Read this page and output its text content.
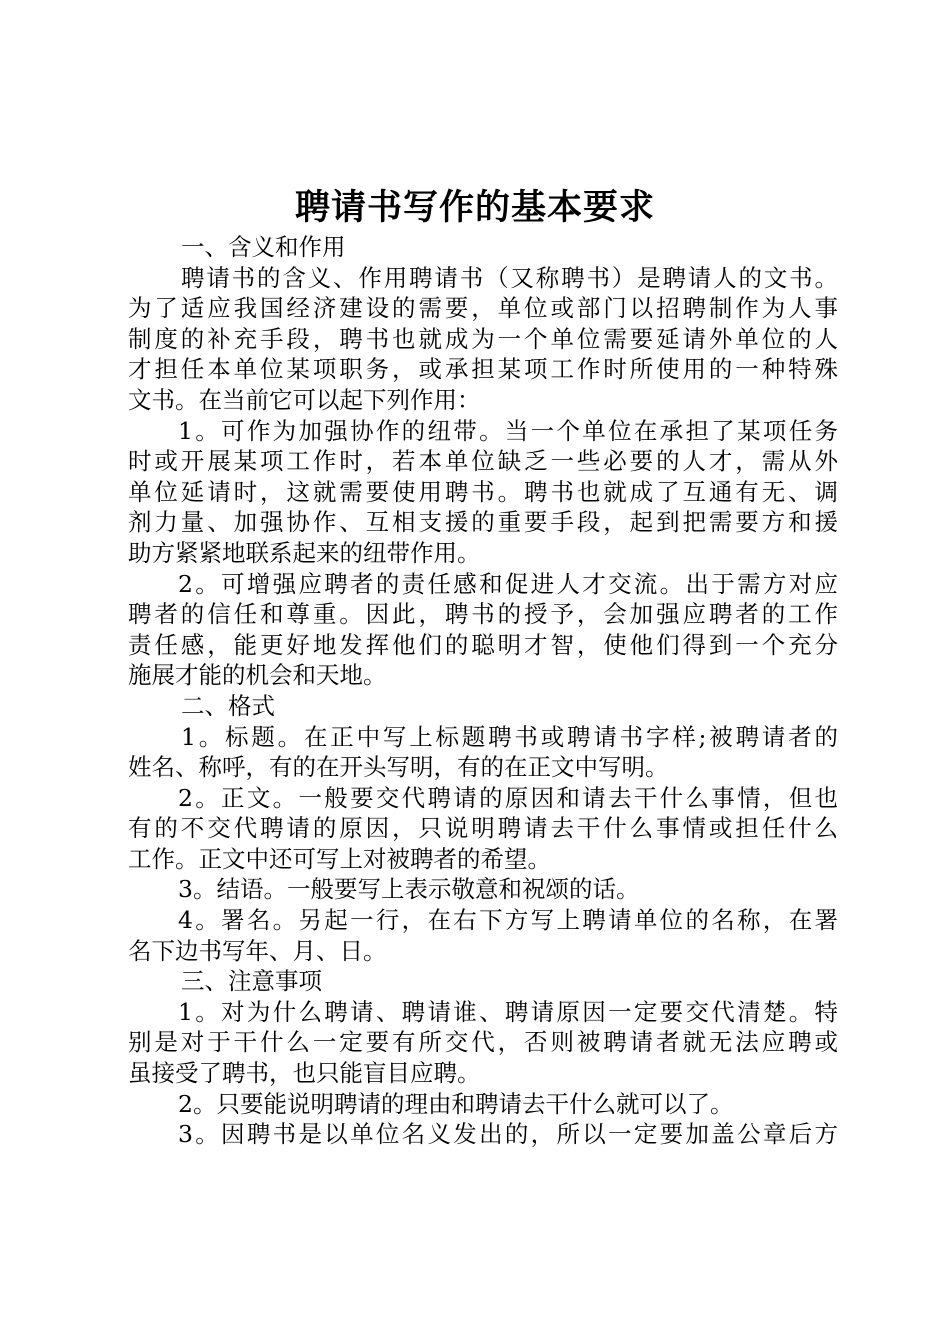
聘请书写作的基本要求
一、含义和作用
聘请书的含义、作用聘请书（又称聘书）是聘请人的文书。
为了适应我国经济建设的需要，单位或部门以招聘制作为人事
制度的补充手段，聘书也就成为一个单位需要延请外单位的人
才担任本单位某项职务，或承担某项工作时所使用的一种特殊
文书。在当前它可以起下列作用：
1。可作为加强协作的纽带。当一个单位在承担了某项任务
时或开展某项工作时，若本单位缺乏一些必要的人才，需从外
单位延请时，这就需要使用聘书。聘书也就成了互通有无、调
剂力量、加强协作、互相支援的重要手段，起到把需要方和援
助方紧紧地联系起来的纽带作用。
2。可增强应聘者的责任感和促进人才交流。出于需方对应
聘者的信任和尊重。因此，聘书的授予，会加强应聘者的工作
责任感，能更好地发挥他们的聪明才智，使他们得到一个充分
施展才能的机会和天地。
二、格式
1。标题。在正中写上标题聘书或聘请书字样;被聘请者的
姓名、称呼，有的在开头写明，有的在正文中写明。
2。正文。一般要交代聘请的原因和请去干什么事情，但也
有的不交代聘请的原因，只说明聘请去干什么事情或担任什么
工作。正文中还可写上对被聘者的希望。
3。结语。一般要写上表示敬意和祝颂的话。
4。署名。另起一行，在右下方写上聘请单位的名称，在署
名下边书写年、月、日。
三、注意事项
1。对为什么聘请、聘请谁、聘请原因一定要交代清楚。特
别是对于干什么一定要有所交代，否则被聘请者就无法应聘或
虽接受了聘书，也只能盲目应聘。
2。只要能说明聘请的理由和聘请去干什么就可以了。
3。因聘书是以单位名义发出的，所以一定要加盖公章后方
